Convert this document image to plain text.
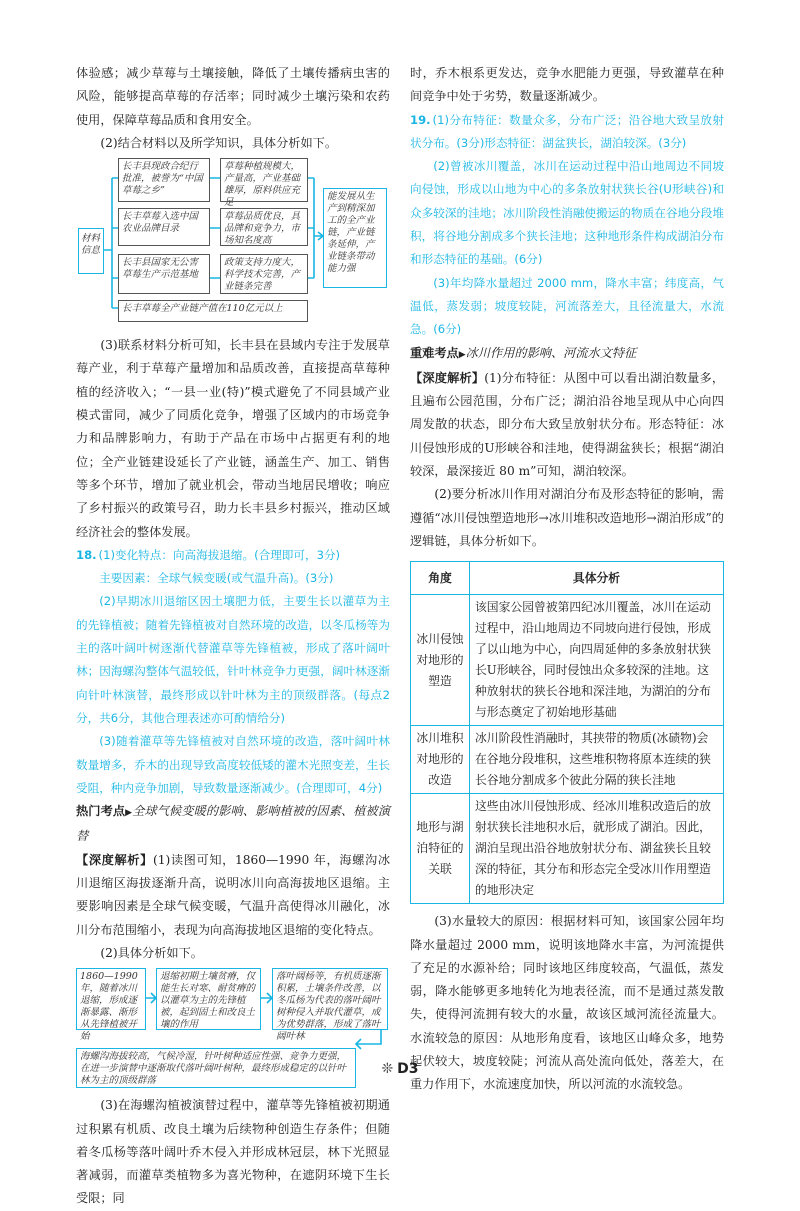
体验感；减少草莓与土壤接触，降低了土壤传播病虫害的风险，能够提高草莓的存活率；同时减少土壤污染和农药使用，保障草莓品质和食用安全。

(2)结合材料以及所学知识，具体分析如下。

材料信息
长丰县现政合纪行批准，被誉为“中国草莓之乡”
草莓种植规模大，产量高，产业基础雄厚，原料供应充足
长丰草莓入选中国农业品牌目录
草莓品质优良，具品牌和竞争力，市场知名度高
长丰县国家无公害草莓生产示范基地
政策支持力度大，科学技术完善，产业链条完善
长丰草莓全产业链产值在110亿元以上
能发展从生产到精深加工的全产业链，产业链条延伸，产业链条带动能力强

(3)联系材料分析可知，长丰县在县域内专注于发展草莓产业，利于草莓产量增加和品质改善，直接提高草莓种植的经济收入；“一县一业(特)”模式避免了不同县域产业模式雷同，减少了同质化竞争，增强了区域内的市场竞争力和品牌影响力，有助于产品在市场中占据更有利的地位；全产业链建设延长了产业链，涵盖生产、加工、销售等多个环节，增加了就业机会，带动当地居民增收；响应了乡村振兴的政策号召，助力长丰县乡村振兴，推动区域经济社会的整体发展。

18. (1)变化特点：向高海拔退缩。(合理即可，3分)

主要因素：全球气候变暖(或气温升高)。(3分)

(2)早期冰川退缩区因土壤肥力低，主要生长以灌草为主的先锋植被；随着先锋植被对自然环境的改造，以冬瓜杨等为主的落叶阔叶树逐渐代替灌草等先锋植被，形成了落叶阔叶林；因海螺沟整体气温较低，针叶林竞争力更强，阔叶林逐渐向针叶林演替，最终形成以针叶林为主的顶级群落。(每点2分，共6分，其他合理表述亦可酌情给分)

(3)随着灌草等先锋植被对自然环境的改造，落叶阔叶林数量增多，乔木的出现导致高度较低矮的灌木光照变差，生长受阻，种内竞争加剧，导致数量逐渐减少。(合理即可，4分)

热门考点▶全球气候变暖的影响、影响植被的因素、植被演替

【深度解析】(1)读图可知，1860—1990 年，海螺沟冰川退缩区海拔逐渐升高，说明冰川向高海拔地区退缩。主要影响因素是全球气候变暖，气温升高使得冰川融化，冰川分布范围缩小，表现为向高海拔地区退缩的变化特点。

(2)具体分析如下。

1860—1990年，随着冰川退缩，形成逐渐暴露、渐形从先锋植被开始
退缩初期土壤贫瘠，仅能生长对寒、耐贫瘠的以灌草为主的先锋植被，起到固土和改良土壤的作用
落叶阔杨等，有机质逐渐积累，土壤条件改善，以冬瓜杨为代表的落叶阔叶树种侵入并取代灌草，成为优势群落，形成了落叶阔叶林
海螺沟海拔较高，气候冷湿，针叶树种适应性强、竞争力更强，在进一步演替中逐渐取代落叶阔叶树种，最终形成稳定的以针叶林为主的顶级群落

(3)在海螺沟植被演替过程中，灌草等先锋植被初期通过积累有机质、改良土壤为后续物种创造生存条件；但随着冬瓜杨等落叶阔叶乔木侵入并形成林冠层，林下光照显著减弱，而灌草类植物多为喜光物种，在遮阴环境下生长受限；同

时，乔木根系更发达，竞争水肥能力更强，导致灌草在种间竞争中处于劣势，数量逐渐减少。

19. (1)分布特征：数量众多，分布广泛；沿谷地大致呈放射状分布。(3分)形态特征：湖盆狭长，湖泊较深。(3分)

(2)曾被冰川覆盖，冰川在运动过程中沿山地周边不同坡向侵蚀，形成以山地为中心的多条放射状狭长谷(U形峡谷)和众多较深的洼地；冰川阶段性消融使搬运的物质在谷地分段堆积，将谷地分割成多个狭长洼地；这种地形条件构成湖泊分布和形态特征的基础。(6分)

(3)年均降水量超过 2000 mm，降水丰富；纬度高，气温低，蒸发弱；坡度较陡，河流落差大，且径流量大，水流急。(6分)

重难考点▶冰川作用的影响、河流水文特征

【深度解析】(1)分布特征：从图中可以看出湖泊数量多，且遍布公园范围，分布广泛；湖泊沿谷地呈现从中心向四周发散的状态，即分布大致呈放射状分布。形态特征：冰川侵蚀形成的U形峡谷和洼地，使得湖盆狭长；根据“湖泊较深，最深接近 80 m”可知，湖泊较深。

(2)要分析冰川作用对湖泊分布及形态特征的影响，需遵循“冰川侵蚀塑造地形→冰川堆积改造地形→湖泊形成”的逻辑链，具体分析如下。

角度	具体分析
冰川侵蚀对地形的塑造	该国家公园曾被第四纪冰川覆盖，冰川在运动过程中，沿山地周边不同坡向进行侵蚀，形成了以山地为中心，向四周延伸的多条放射状狭长U形峡谷，同时侵蚀出众多较深的洼地。这种放射状的狭长谷地和深洼地，为湖泊的分布与形态奠定了初始地形基础
冰川堆积对地形的改造	冰川阶段性消融时，其挟带的物质(冰碛物)会在谷地分段堆积，这些堆积物将原本连续的狭长谷地分割成多个彼此分隔的狭长洼地
地形与湖泊特征的关联	这些由冰川侵蚀形成、经冰川堆积改造后的放射状狭长洼地积水后，就形成了湖泊。因此，湖泊呈现出沿谷地放射状分布、湖盆狭长且较深的特征，其分布和形态完全受冰川作用塑造的地形决定

(3)水量较大的原因：根据材料可知，该国家公园年均降水量超过 2000 mm，说明该地降水丰富，为河流提供了充足的水源补给；同时该地区纬度较高，气温低，蒸发弱，降水能够更多地转化为地表径流，而不是通过蒸发散失，使得河流拥有较大的水量，故该区域河流径流量大。水流较急的原因：从地形角度看，该地区山峰众多，地势起伏较大，坡度较陡；河流从高处流向低处，落差大，在重力作用下，水流速度加快，所以河流的水流较急。

❊ D3
